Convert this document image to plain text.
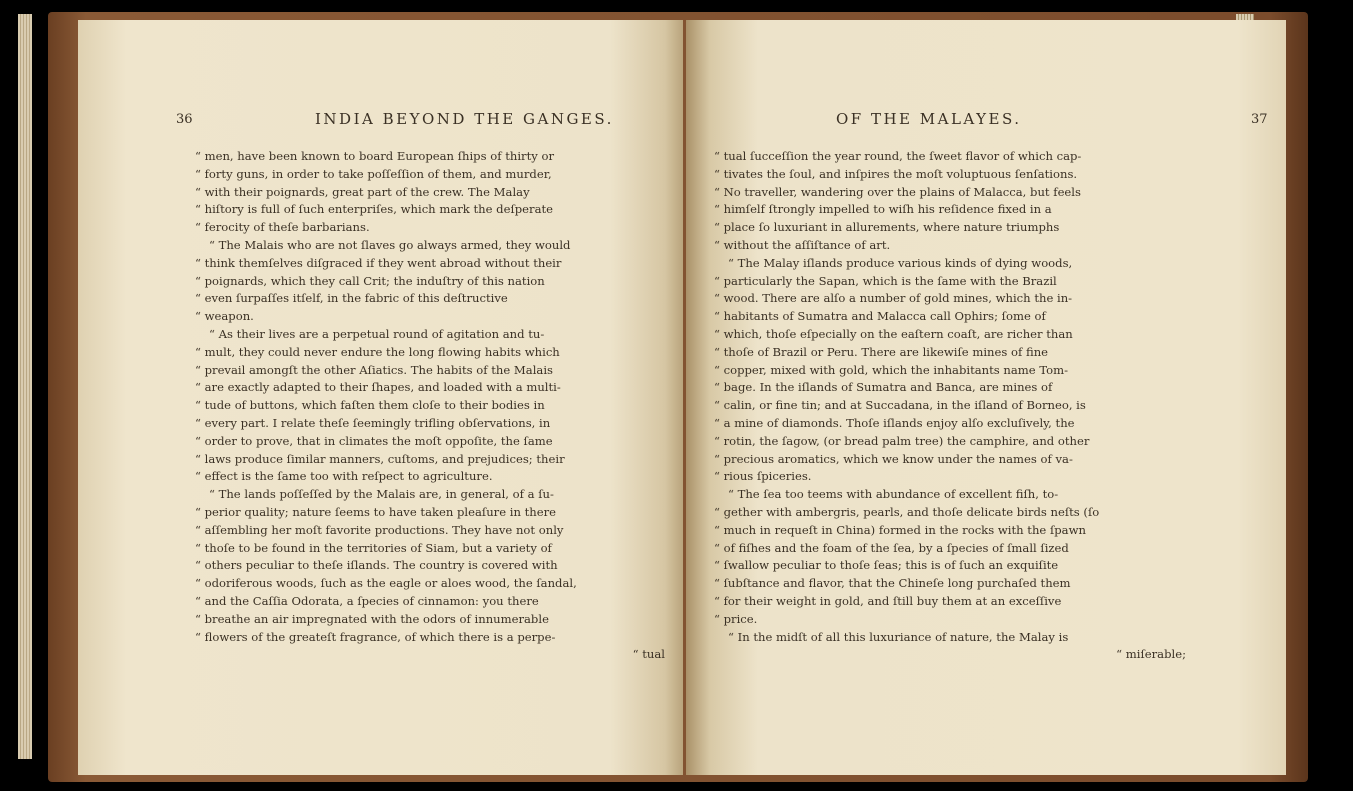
36	INDIA BEYOND THE GANGES.
“ men, have been known to board European ſhips of thirty or
“ forty guns, in order to take poſſeſſion of them, and murder,
“ with their poignards, great part of the crew. The Malay
“ hiſtory is full of ſuch enterpriſes, which mark the deſperate
“ ferocity of theſe barbarians.
“ The Malais who are not ſlaves go always armed, they would
“ think themſelves diſgraced if they went abroad without their
“ poignards, which they call Crit; the induſtry of this nation
“ even ſurpaſſes itſelf, in the fabric of this deſtructive
“ weapon.
“ As their lives are a perpetual round of agitation and tu-
“ mult, they could never endure the long flowing habits which
“ prevail amongſt the other Aſiatics. The habits of the Malais
“ are exactly adapted to their ſhapes, and loaded with a multi-
“ tude of buttons, which faſten them cloſe to their bodies in
“ every part. I relate theſe ſeemingly trifling obſervations, in
“ order to prove, that in climates the moſt oppoſite, the ſame
“ laws produce ſimilar manners, cuſtoms, and prejudices; their
“ effect is the ſame too with reſpect to agriculture.
“ The lands poſſeſſed by the Malais are, in general, of a ſu-
“ perior quality; nature ſeems to have taken pleaſure in there
“ aſſembling her moſt favorite productions. They have not only
“ thoſe to be found in the territories of Siam, but a variety of
“ others peculiar to theſe iſlands. The country is covered with
“ odoriferous woods, ſuch as the eagle or aloes wood, the ſandal,
“ and the Caſſia Odorata, a ſpecies of cinnamon: you there
“ breathe an air impregnated with the odors of innumerable
“ flowers of the greateſt fragrance, of which there is a perpe-
“ tual
OF THE MALAYES.	37
“ tual ſucceſſion the year round, the ſweet flavor of which cap-
“ tivates the ſoul, and inſpires the moſt voluptuous ſenſations.
“ No traveller, wandering over the plains of Malacca, but feels
“ himſelf ſtrongly impelled to wiſh his reſidence fixed in a
“ place ſo luxuriant in allurements, where nature triumphs
“ without the aſſiſtance of art.
“ The Malay iſlands produce various kinds of dying woods,
“ particularly the Sapan, which is the ſame with the Brazil
“ wood. There are alſo a number of gold mines, which the in-
“ habitants of Sumatra and Malacca call Ophirs; ſome of
“ which, thoſe eſpecially on the eaſtern coaſt, are richer than
“ thoſe of Brazil or Peru. There are likewiſe mines of fine
“ copper, mixed with gold, which the inhabitants name Tom-
“ bage. In the iſlands of Sumatra and Banca, are mines of
“ calin, or fine tin; and at Succadana, in the iſland of Borneo, is
“ a mine of diamonds. Thoſe iſlands enjoy alſo excluſively, the
“ rotin, the ſagow, (or bread palm tree) the camphire, and other
“ precious aromatics, which we know under the names of va-
“ rious ſpiceries.
“ The ſea too teems with abundance of excellent fiſh, to-
“ gether with ambergris, pearls, and thoſe delicate birds neſts (ſo
“ much in requeſt in China) formed in the rocks with the ſpawn
“ of fiſhes and the foam of the ſea, by a ſpecies of ſmall ſized
“ ſwallow peculiar to thoſe ſeas; this is of ſuch an exquiſite
“ ſubſtance and flavor, that the Chineſe long purchaſed them
“ for their weight in gold, and ſtill buy them at an exceſſive
“ price.
“ In the midſt of all this luxuriance of nature, the Malay is
“ miſerable;
